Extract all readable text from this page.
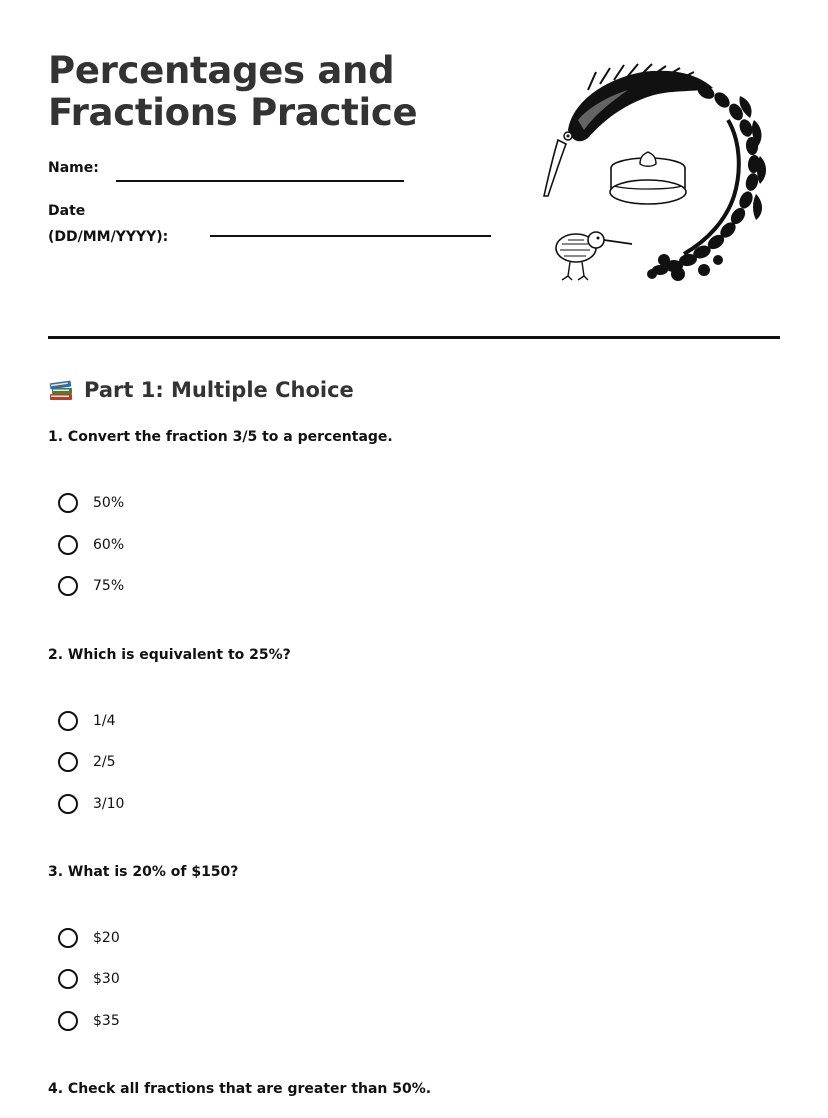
Percentages and
Fractions Practice
Name:
Date
(DD/MM/YYYY):
Part 1: Multiple Choice
1. Convert the fraction 3/5 to a percentage.
50%
60%
75%
2. Which is equivalent to 25%?
1/4
2/5
3/10
3. What is 20% of $150?
$20
$30
$35
4. Check all fractions that are greater than 50%.
